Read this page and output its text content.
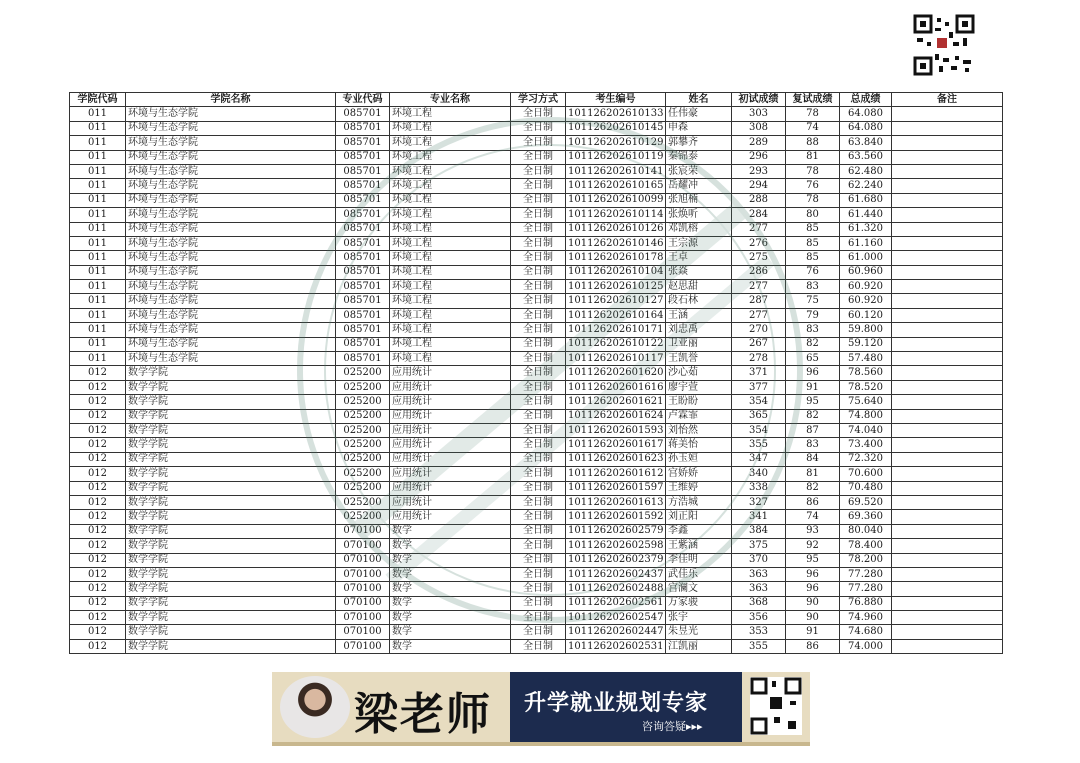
学院代码	学院名称	专业代码	专业名称	学习方式	考生编号	姓名	初试成绩	复试成绩	总成绩	备注
011	环境与生态学院	085701	环境工程	全日制	101126202610133	任伟豪	303	78	64.080	
011	环境与生态学院	085701	环境工程	全日制	101126202610145	申森	308	74	64.080	
011	环境与生态学院	085701	环境工程	全日制	101126202610129	郭攀齐	289	88	63.840	
011	环境与生态学院	085701	环境工程	全日制	101126202610119	秦锦泰	296	81	63.560	
011	环境与生态学院	085701	环境工程	全日制	101126202610141	张宸荣	293	78	62.480	
011	环境与生态学院	085701	环境工程	全日制	101126202610165	岳耀冲	294	76	62.240	
011	环境与生态学院	085701	环境工程	全日制	101126202610099	张旭楠	288	78	61.680	
011	环境与生态学院	085701	环境工程	全日制	101126202610114	张焕听	284	80	61.440	
011	环境与生态学院	085701	环境工程	全日制	101126202610126	邓凯榕	277	85	61.320	
011	环境与生态学院	085701	环境工程	全日制	101126202610146	王宗源	276	85	61.160	
011	环境与生态学院	085701	环境工程	全日制	101126202610178	王卓	275	85	61.000	
011	环境与生态学院	085701	环境工程	全日制	101126202610104	张焱	286	76	60.960	
011	环境与生态学院	085701	环境工程	全日制	101126202610125	赵思甜	277	83	60.920	
011	环境与生态学院	085701	环境工程	全日制	101126202610127	段石林	287	75	60.920	
011	环境与生态学院	085701	环境工程	全日制	101126202610164	王涵	277	79	60.120	
011	环境与生态学院	085701	环境工程	全日制	101126202610171	刘忠禹	270	83	59.800	
011	环境与生态学院	085701	环境工程	全日制	101126202610122	卫亚丽	267	82	59.120	
011	环境与生态学院	085701	环境工程	全日制	101126202610117	王凯誉	278	65	57.480	
012	数学学院	025200	应用统计	全日制	101126202601620	沙心茹	371	96	78.560	
012	数学学院	025200	应用统计	全日制	101126202601616	廖宇萱	377	91	78.520	
012	数学学院	025200	应用统计	全日制	101126202601621	王盼盼	354	95	75.640	
012	数学学院	025200	应用统计	全日制	101126202601624	卢霖霏	365	82	74.800	
012	数学学院	025200	应用统计	全日制	101126202601593	刘怡然	354	87	74.040	
012	数学学院	025200	应用统计	全日制	101126202601617	蒋美怡	355	83	73.400	
012	数学学院	025200	应用统计	全日制	101126202601623	孙玉姮	347	84	72.320	
012	数学学院	025200	应用统计	全日制	101126202601612	宫娇娇	340	81	70.600	
012	数学学院	025200	应用统计	全日制	101126202601597	王维婷	338	82	70.480	
012	数学学院	025200	应用统计	全日制	101126202601613	方浩城	327	86	69.520	
012	数学学院	025200	应用统计	全日制	101126202601592	刘正阳	341	74	69.360	
012	数学学院	070100	数学	全日制	101126202602579	李鑫	384	93	80.040	
012	数学学院	070100	数学	全日制	101126202602598	王紫涵	375	92	78.400	
012	数学学院	070100	数学	全日制	101126202602379	李佳明	370	95	78.200	
012	数学学院	070100	数学	全日制	101126202602437	武佳乐	363	96	77.280	
012	数学学院	070100	数学	全日制	101126202602488	宫澜文	363	96	77.280	
012	数学学院	070100	数学	全日制	101126202602561	万家骏	368	90	76.880	
012	数学学院	070100	数学	全日制	101126202602547	张宇	356	90	74.960	
012	数学学院	070100	数学	全日制	101126202602447	朱昱光	353	91	74.680	
012	数学学院	070100	数学	全日制	101126202602531	江凯丽	355	86	74.000	
梁老师 升学就业规划专家
咨询答疑▸▸▸
